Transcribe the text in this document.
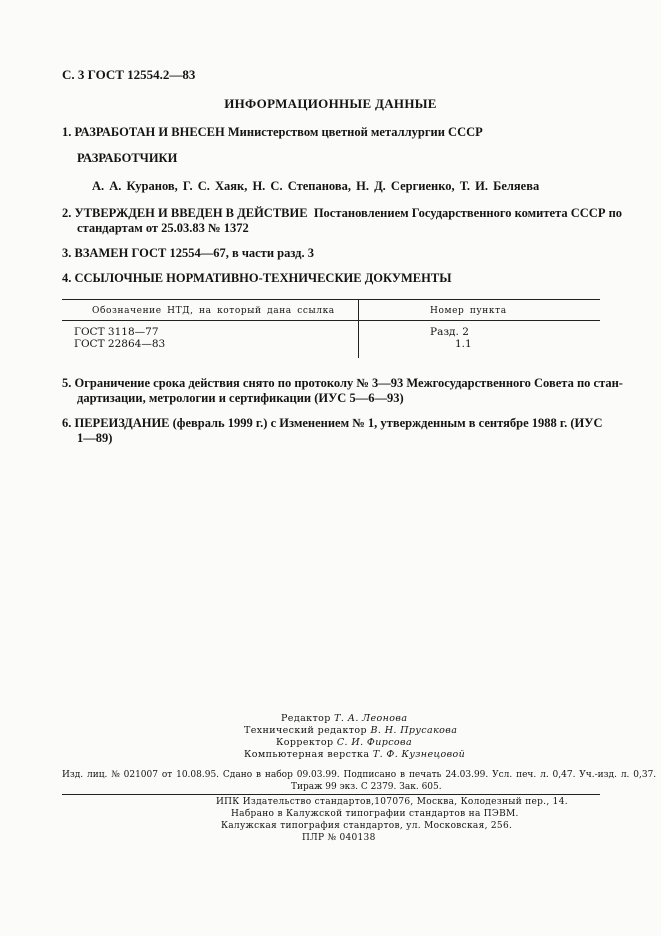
С. 3 ГОСТ 12554.2—83
ИНФОРМАЦИОННЫЕ ДАННЫЕ
1. РАЗРАБОТАН И ВНЕСЕН Министерством цветной металлургии СССР
РАЗРАБОТЧИКИ
А. А. Куранов, Г. С. Хаяк, Н. С. Степанова, Н. Д. Сергиенко, Т. И. Беляева
2. УТВЕРЖДЕН И ВВЕДЕН В ДЕЙСТВИЕ Постановлением Государственного комитета СССР по
стандартам от 25.03.83 № 1372
3. ВЗАМЕН ГОСТ 12554—67, в части разд. 3
4. ССЫЛОЧНЫЕ НОРМАТИВНО-ТЕХНИЧЕСКИЕ ДОКУМЕНТЫ
Обозначение НТД, на который дана ссылка	Номер пункта
ГОСТ 3118—77
ГОСТ 22864—83
Разд. 2
1.1
5. Ограничение срока действия снято по протоколу № 3—93 Межгосударственного Совета по стан-
дартизации, метрологии и сертификации (ИУС 5—6—93)
6. ПЕРЕИЗДАНИЕ (февраль 1999 г.) с Изменением № 1, утвержденным в сентябре 1988 г. (ИУС
1—89)
Редактор Т. А. Леонова
Технический редактор В. Н. Прусакова
Корректор С. И. Фирсова
Компьютерная верстка Т. Ф. Кузнецовой
Изд. лиц. № 021007 от 10.08.95. Сдано в набор 09.03.99. Подписано в печать 24.03.99. Усл. печ. л. 0,47. Уч.-изд. л. 0,37.
Тираж 99 экз. С 2379. Зак. 605.
ИПК Издательство стандартов,107076, Москва, Колодезный пер., 14.
Набрано в Калужской типографии стандартов на ПЭВМ.
Калужская типография стандартов, ул. Московская, 256.
ПЛР № 040138
